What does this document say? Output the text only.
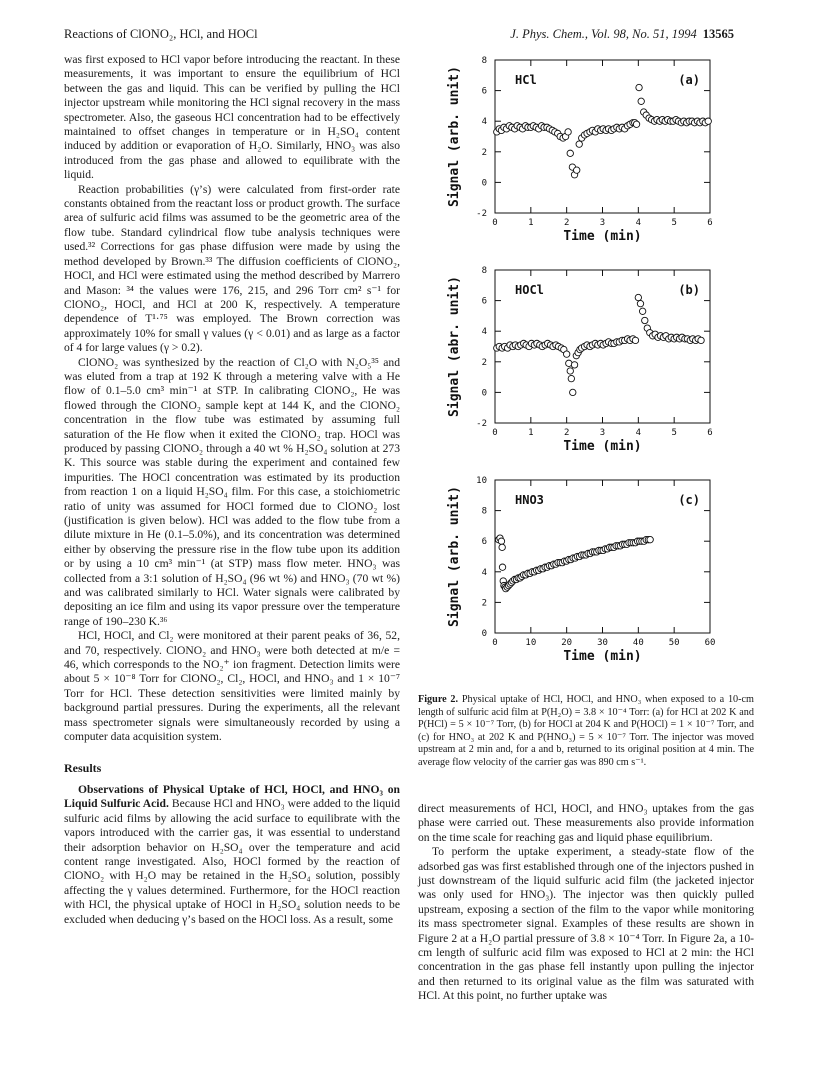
Reactions of ClONO₂, HCl, and HOCl	J. Phys. Chem., Vol. 98, No. 51, 1994 13565

was first exposed to HCl vapor before introducing the reactant. In these measurements, it was important to ensure the equilibrium of HCl between the gas and liquid. This can be verified by pulling the HCl injector upstream while monitoring the HCl signal recovery in the mass spectrometer. Also, the gaseous HCl concentration had to be effectively maintained to offset changes in temperature or in H₂SO₄ content induced by addition or evaporation of H₂O. Similarly, HNO₃ was also introduced from the gas phase and allowed to equilibrate with the liquid.

Reaction probabilities (γ’s) were calculated from first-order rate constants obtained from the reactant loss or product growth. The surface area of sulfuric acid films was assumed to be the geometric area of the flow tube. Standard cylindrical flow tube analysis techniques were used.³² Corrections for gas phase diffusion were made by using the method developed by Brown.³³ The diffusion coefficients of ClONO₂, HOCl, and HCl were estimated using the method described by Marrero and Mason: ³⁴ the values were 176, 215, and 296 Torr cm² s⁻¹ for ClONO₂, HOCl, and HCl at 200 K, respectively. A temperature dependence of T¹·⁷⁵ was employed. The Brown correction was approximately 10% for small γ values (γ < 0.01) and as large as a factor of 4 for large values (γ > 0.2).

ClONO₂ was synthesized by the reaction of Cl₂O with N₂O₅³⁵ and was eluted from a trap at 192 K through a metering valve with a He flow of 0.1–5.0 cm³ min⁻¹ at STP. In calibrating ClONO₂, He was flowed through the ClONO₂ sample kept at 144 K, and the ClONO₂ concentration in the flow tube was estimated by assuming full saturation of the He flow when it exited the ClONO₂ trap. HOCl was produced by passing ClONO₂ through a 40 wt % H₂SO₄ solution at 273 K. This source was stable during the experiment and contained few impurities. The HOCl concentration was estimated by its production from reaction 1 on a liquid H₂SO₄ film. For this case, a stoichiometric ratio of unity was assumed for HOCl formed due to ClONO₂ lost (justification is given below). HCl was added to the flow tube from a dilute mixture in He (0.1–5.0%), and its concentration was determined either by observing the pressure rise in the flow tube upon its addition or by using a 10 cm³ min⁻¹ (at STP) mass flow meter. HNO₃ was collected from a 3:1 solution of H₂SO₄ (96 wt %) and HNO₃ (70 wt %) and was calibrated similarly to HCl. Water signals were calibrated by depositing an ice film and using its vapor pressure over the temperature range of 190–230 K.³⁶

HCl, HOCl, and Cl₂ were monitored at their parent peaks of 36, 52, and 70, respectively. ClONO₂ and HNO₃ were both detected at m/e = 46, which corresponds to the NO₂⁺ ion fragment. Detection limits were about 5 × 10⁻⁸ Torr for ClONO₂, Cl₂, HOCl, and HNO₃ and 1 × 10⁻⁷ Torr for HCl. These detection sensitivities were limited mainly by background partial pressures. During the experiments, all the relevant mass spectrometer signals were simultaneously recorded by using a computer data acquisition system.

Results

Observations of Physical Uptake of HCl, HOCl, and HNO₃ on Liquid Sulfuric Acid. Because HCl and HNO₃ were added to the liquid sulfuric acid films by allowing the acid surface to equilibrate with the vapors introduced with the carrier gas, it was essential to understand their adsorption behavior on H₂SO₄ over the temperature and acid content range investigated. Also, HOCl formed by the reaction of ClONO₂ with H₂O may be retained in the H₂SO₄ solution, possibly affecting the γ values determined. Furthermore, for the HOCl reaction with HCl, the physical uptake of HOCl in H₂SO₄ solution needs to be excluded when deducing γ’s based on the HOCl loss. As a result, some

0	1	2	3	4	5	6
-2
0
2
4
6
8
Time (min)
Signal (arb. unit)	HCl	(a)
0	1	2	3	4	5	6
-2
0
2
4
6
8
Time (min)
Signal (abr. unit)	HOCl	(b)
0	10	20	30	40	50	60
0
2
4
6
8
10
Time (min)
Signal (arb. unit)	HNO3	(c)
Figure 2. Physical uptake of HCl, HOCl, and HNO₃ when exposed to a 10-cm length of sulfuric acid film at P(H₂O) = 3.8 × 10⁻⁴ Torr: (a) for HCl at 202 K and P(HCl) = 5 × 10⁻⁷ Torr, (b) for HOCl at 204 K and P(HOCl) = 1 × 10⁻⁷ Torr, and (c) for HNO₃ at 202 K and P(HNO₃) = 5 × 10⁻⁷ Torr. The injector was moved upstream at 2 min and, for a and b, returned to its original position at 4 min. The average flow velocity of the carrier gas was 890 cm s⁻¹.

direct measurements of HCl, HOCl, and HNO₃ uptakes from the gas phase were carried out. These measurements also provide information on the time scale for reaching gas and liquid phase equilibrium.

To perform the uptake experiment, a steady-state flow of the adsorbed gas was first established through one of the injectors pushed in just downstream of the liquid sulfuric acid film (the jacketed injector was only used for HNO₃). The injector was then quickly pulled upstream, exposing a section of the film to the vapor while monitoring its mass spectrometer signal. Examples of these results are shown in Figure 2 at a H₂O partial pressure of 3.8 × 10⁻⁴ Torr. In Figure 2a, a 10-cm length of sulfuric acid film was exposed to HCl at 2 min: the HCl concentration in the gas phase fell instantly upon pulling the injector and then returned to its original value as the film was saturated with HCl. At this point, no further uptake was
